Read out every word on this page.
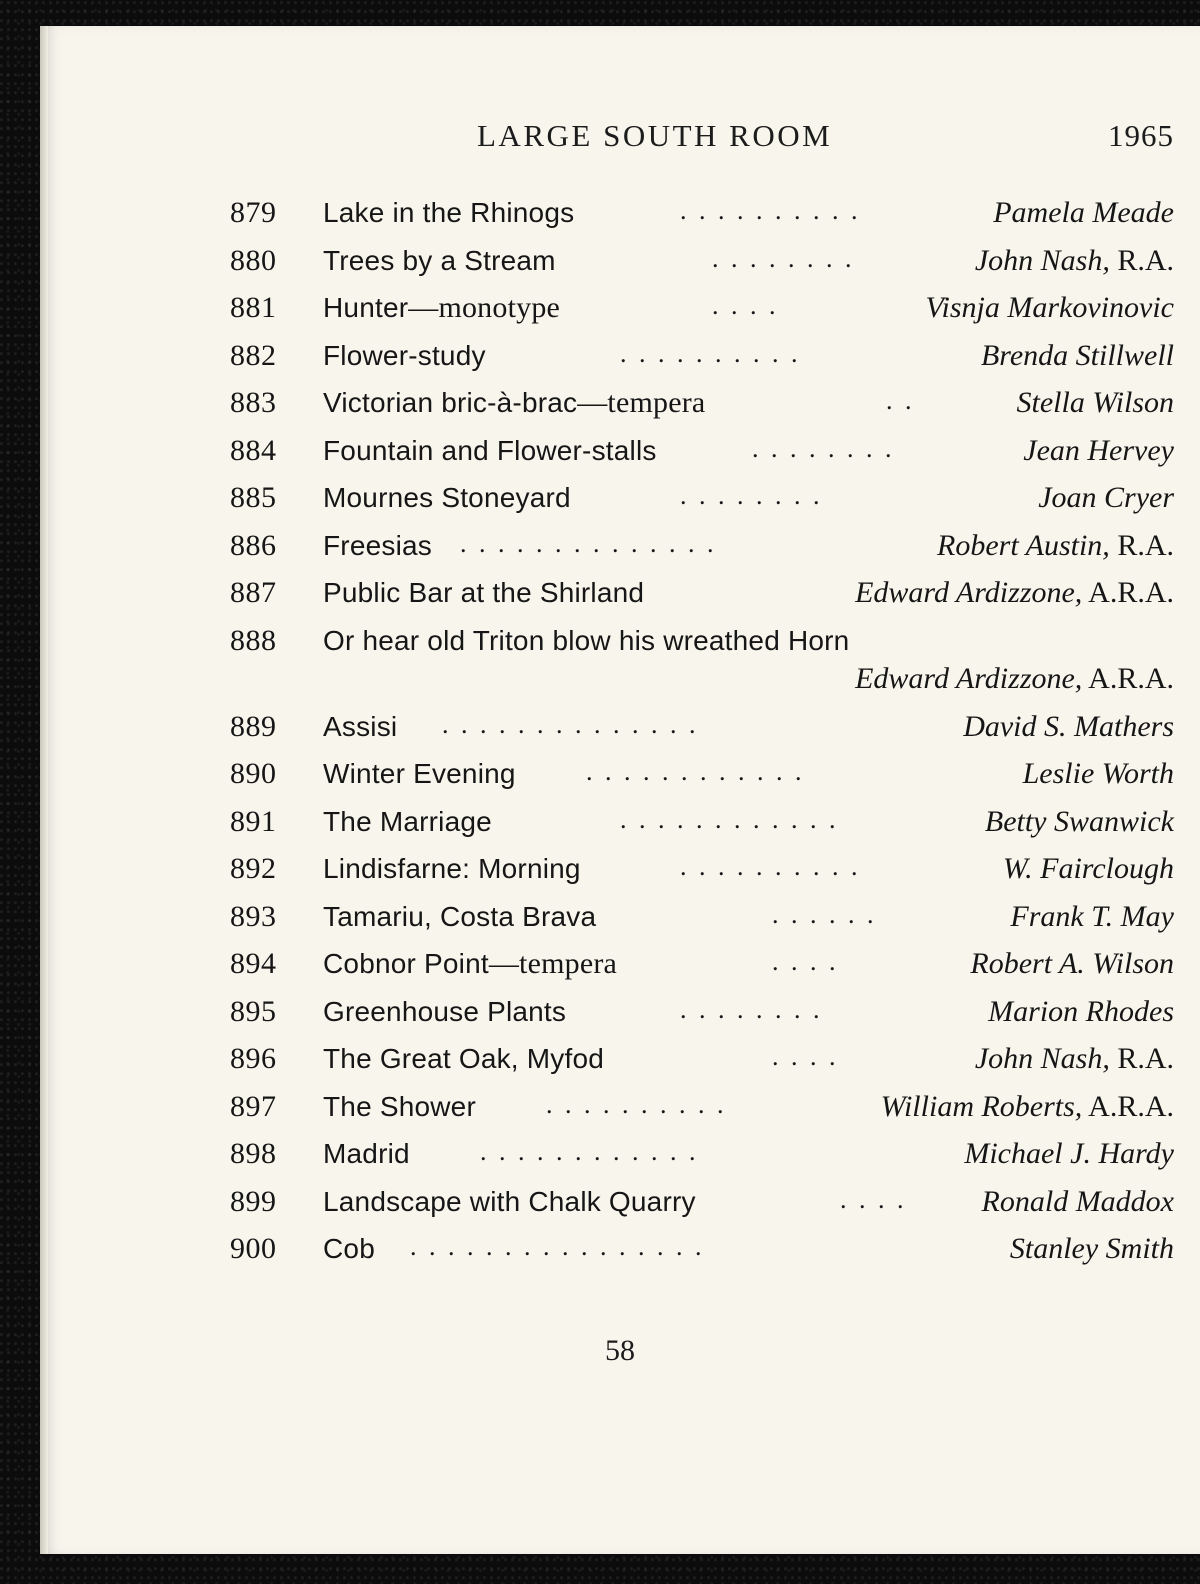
LARGE SOUTH ROOM	1965
879	Lake in the Rhinogs	. . . . . . . . . .	Pamela Meade
880	Trees by a Stream	. . . . . . . .	John Nash, R.A.
881	Hunter—monotype	. . . .	Visnja Markovinovic
882	Flower-study	. . . . . . . . . .	Brenda Stillwell
883	Victorian bric-à-brac—tempera	. .	Stella Wilson
884	Fountain and Flower-stalls	. . . . . . . .	Jean Hervey
885	Mournes Stoneyard	. . . . . . . .	Joan Cryer
886	Freesias . . . . . . . . . . . . . .	Robert Austin, R.A.
887	Public Bar at the Shirland	Edward Ardizzone, A.R.A.
888	Or hear old Triton blow his wreathed Horn
Edward Ardizzone, A.R.A.
889	Assisi . . . . . . . . . . . . . .	David S. Mathers
890	Winter Evening	. . . . . . . . . . . .	Leslie Worth
891	The Marriage	. . . . . . . . . . . .	Betty Swanwick
892	Lindisfarne: Morning	. . . . . . . . . .	W. Fairclough
893	Tamariu, Costa Brava	. . . . . .	Frank T. May
894	Cobnor Point—tempera	. . . .	Robert A. Wilson
895	Greenhouse Plants	. . . . . . . .	Marion Rhodes
896	The Great Oak, Myfod	. . . .	John Nash, R.A.
897	The Shower	. . . . . . . . . .	William Roberts, A.R.A.
898	Madrid	. . . . . . . . . . . .	Michael J. Hardy
899	Landscape with Chalk Quarry	. . . .	Ronald Maddox
900	Cob . . . . . . . . . . . . . . . .	Stanley Smith
58
